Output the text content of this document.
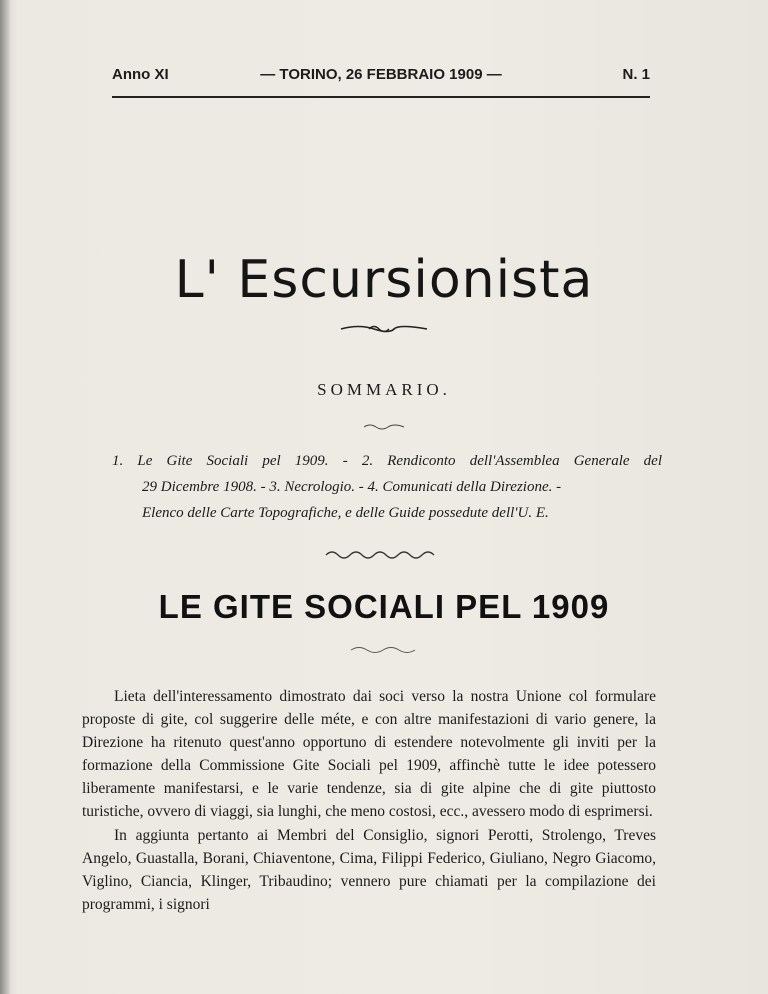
Anno XI	— TORINO, 26 FEBBRAIO 1909 —	N. 1
L' Escursionista
SOMMARIO.
1. Le Gite Sociali pel 1909. - 2. Rendiconto dell'Assemblea Generale del
29 Dicembre 1908. - 3. Necrologio. - 4. Comunicati della Direzione. -
Elenco delle Carte Topografiche, e delle Guide possedute dell'U. E.
LE GITE SOCIALI PEL 1909

Lieta dell'interessamento dimostrato dai soci verso la nostra Unione col formulare proposte di gite, col suggerire delle méte, e con altre manifestazioni di vario genere, la Direzione ha ritenuto quest'anno opportuno di estendere notevolmente gli inviti per la formazione della Commissione Gite Sociali pel 1909, affinchè tutte le idee potessero liberamente manifestarsi, e le varie tendenze, sia di gite alpine che di gite piuttosto turistiche, ovvero di viaggi, sia lunghi, che meno costosi, ecc., avessero modo di esprimersi.

In aggiunta pertanto ai Membri del Consiglio, signori Perotti, Strolengo, Treves Angelo, Guastalla, Borani, Chiaventone, Cima, Filippi Federico, Giuliano, Negro Giacomo, Viglino, Ciancia, Klinger, Tribaudino; vennero pure chiamati per la compilazione dei programmi, i signori
